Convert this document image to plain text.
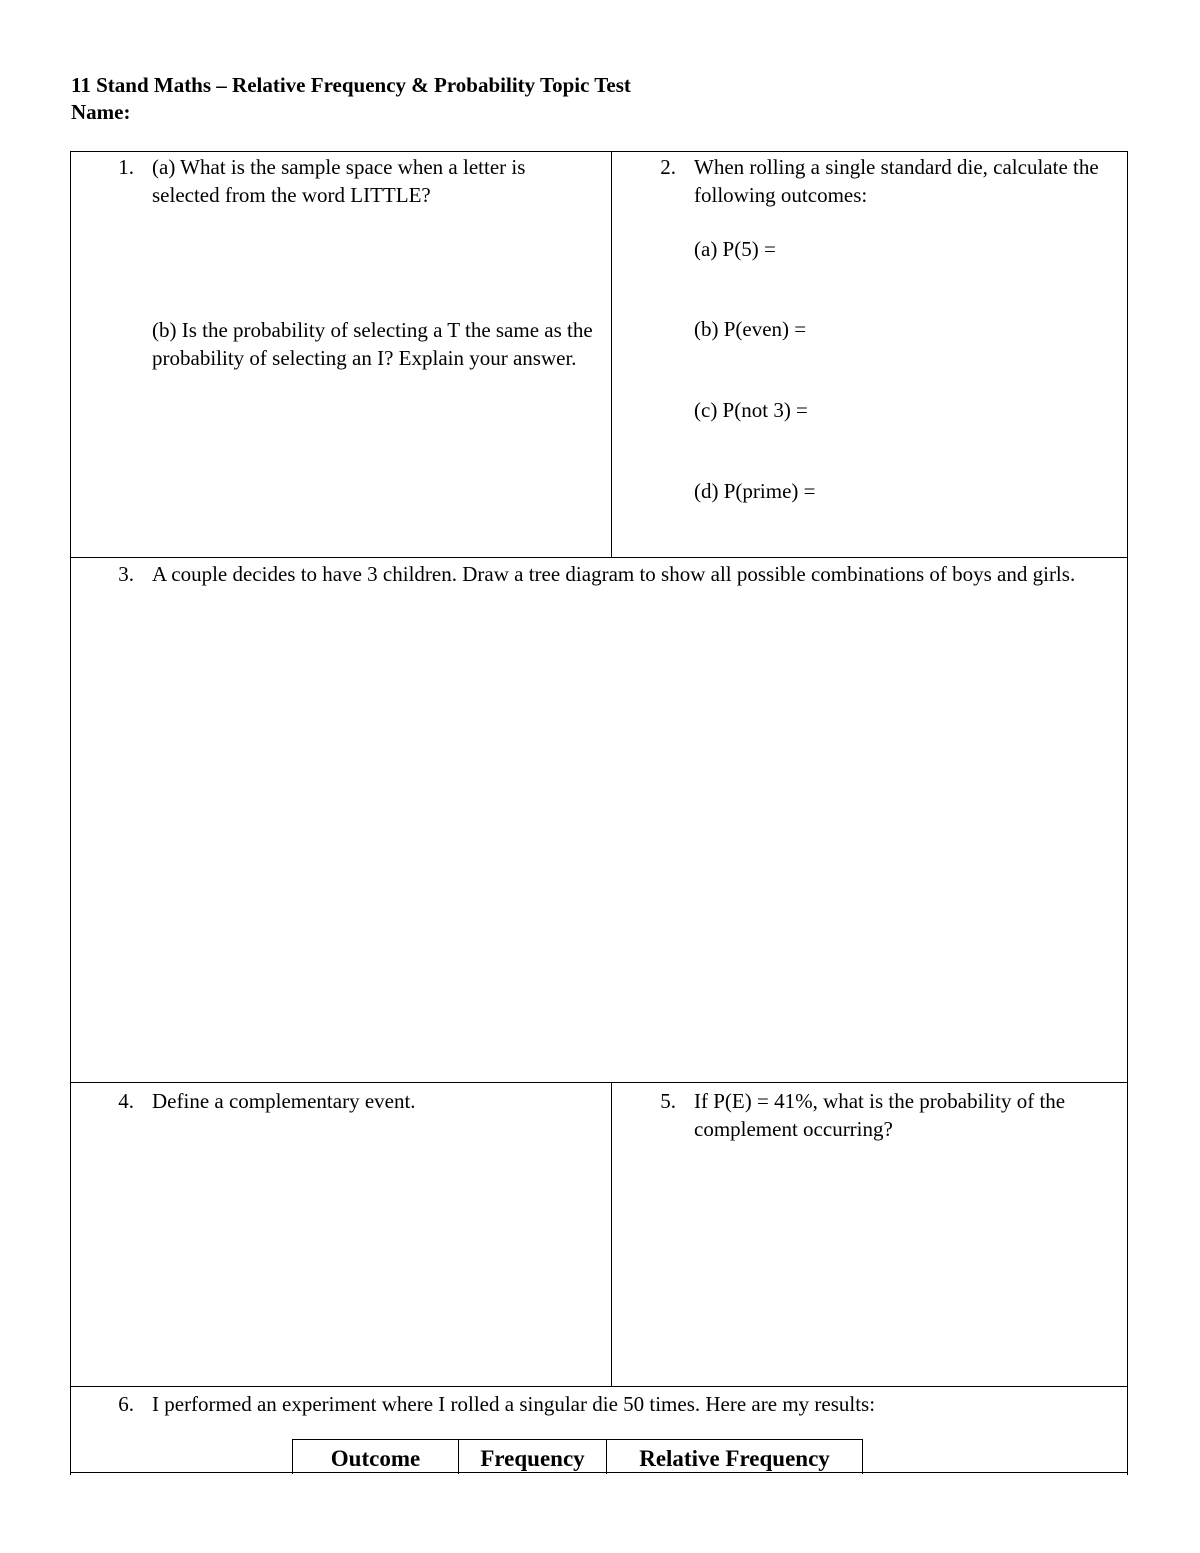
11 Stand Maths – Relative Frequency & Probability Topic Test
Name:
1. (a) What is the sample space when a letter is selected from the word LITTLE?
(b) Is the probability of selecting a T the same as the probability of selecting an I? Explain your answer.
2. When rolling a single standard die, calculate the following outcomes:
(a) P(5) =
(b) P(even) =
(c) P(not 3) =
(d) P(prime) =
3. A couple decides to have 3 children. Draw a tree diagram to show all possible combinations of boys and girls.
4. Define a complementary event.	5. If P(E) = 41%, what is the probability of the complement occurring?
6. I performed an experiment where I rolled a singular die 50 times. Here are my results:
Outcome	Frequency	Relative Frequency
